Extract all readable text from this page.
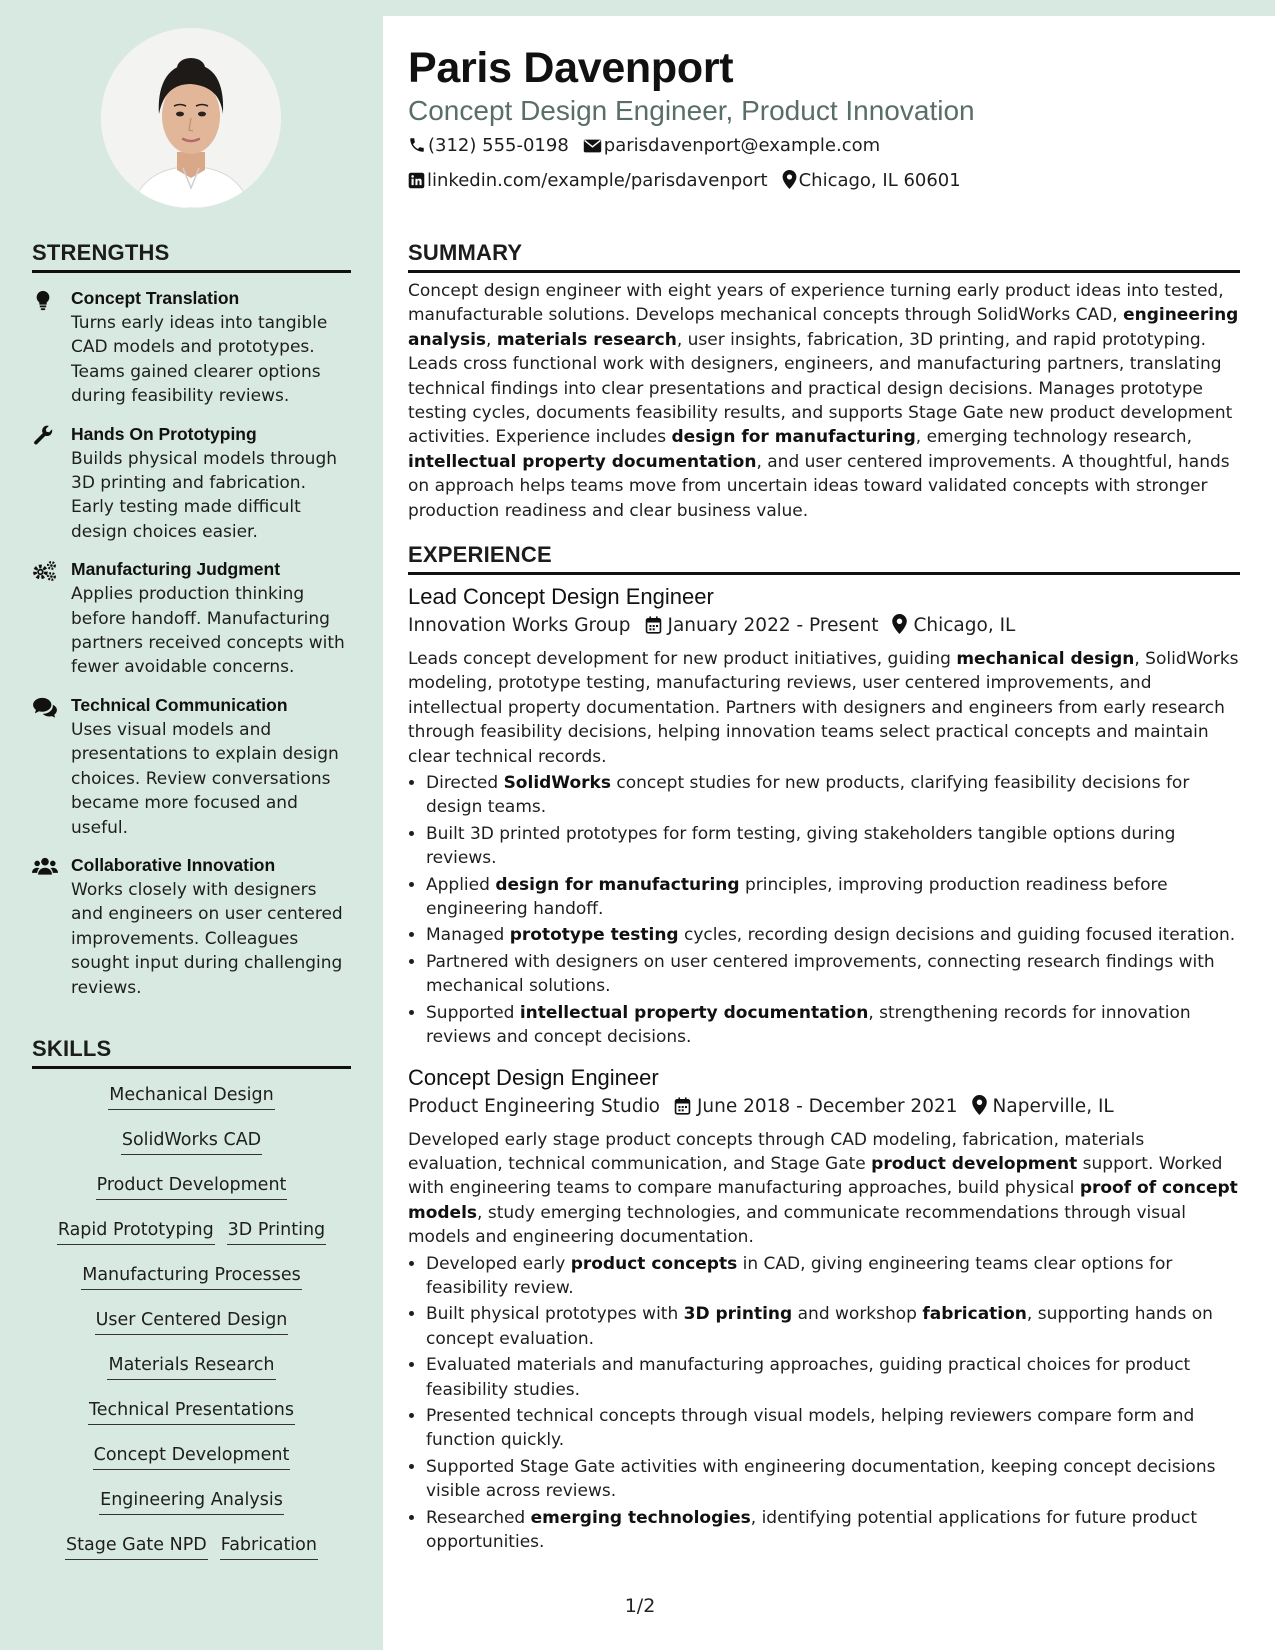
STRENGTHS
Concept Translation
Turns early ideas into tangible CAD models and prototypes. Teams gained clearer options during feasibility reviews.
Hands On Prototyping
Builds physical models through 3D printing and fabrication. Early testing made difficult design choices easier.
Manufacturing Judgment
Applies production thinking before handoff. Manufacturing partners received concepts with fewer avoidable concerns.
Technical Communication
Uses visual models and presentations to explain design choices. Review conversations became more focused and useful.
Collaborative Innovation
Works closely with designers and engineers on user centered improvements. Colleagues sought input during challenging reviews.
SKILLS
Mechanical Design
SolidWorks CAD
Product Development
Rapid Prototyping 3D Printing
Manufacturing Processes
User Centered Design
Materials Research
Technical Presentations
Concept Development
Engineering Analysis
Stage Gate NPD Fabrication
Paris Davenport
Concept Design Engineer, Product Innovation
(312) 555-0198 parisdavenport@example.com
linkedin.com/example/parisdavenport Chicago, IL 60601
SUMMARY

Concept design engineer with eight years of experience turning early product ideas into tested, manufacturable solutions. Develops mechanical concepts through SolidWorks CAD, engineering analysis, materials research, user insights, fabrication, 3D printing, and rapid prototyping. Leads cross functional work with designers, engineers, and manufacturing partners, translating technical findings into clear presentations and practical design decisions. Manages prototype testing cycles, documents feasibility results, and supports Stage Gate new product development activities. Experience includes design for manufacturing, emerging technology research, intellectual property documentation, and user centered improvements. A thoughtful, hands on approach helps teams move from uncertain ideas toward validated concepts with stronger production readiness and clear business value.

EXPERIENCE
Lead Concept Design Engineer
Innovation Works Group January 2022 - Present Chicago, IL

Leads concept development for new product initiatives, guiding mechanical design, SolidWorks modeling, prototype testing, manufacturing reviews, user centered improvements, and intellectual property documentation. Partners with designers and engineers from early research through feasibility decisions, helping innovation teams select practical concepts and maintain clear technical records.

• Directed SolidWorks concept studies for new products, clarifying feasibility decisions for design teams.
• Built 3D printed prototypes for form testing, giving stakeholders tangible options during reviews.
• Applied design for manufacturing principles, improving production readiness before engineering handoff.
• Managed prototype testing cycles, recording design decisions and guiding focused iteration.
• Partnered with designers on user centered improvements, connecting research findings with mechanical solutions.
• Supported intellectual property documentation, strengthening records for innovation reviews and concept decisions.
Concept Design Engineer
Product Engineering Studio June 2018 - December 2021 Naperville, IL

Developed early stage product concepts through CAD modeling, fabrication, materials evaluation, technical communication, and Stage Gate product development support. Worked with engineering teams to compare manufacturing approaches, build physical proof of concept models, study emerging technologies, and communicate recommendations through visual models and engineering documentation.

• Developed early product concepts in CAD, giving engineering teams clear options for feasibility review.
• Built physical prototypes with 3D printing and workshop fabrication, supporting hands on concept evaluation.
• Evaluated materials and manufacturing approaches, guiding practical choices for product feasibility studies.
• Presented technical concepts through visual models, helping reviewers compare form and function quickly.
• Supported Stage Gate activities with engineering documentation, keeping concept decisions visible across reviews.
• Researched emerging technologies, identifying potential applications for future product opportunities.
1/2
